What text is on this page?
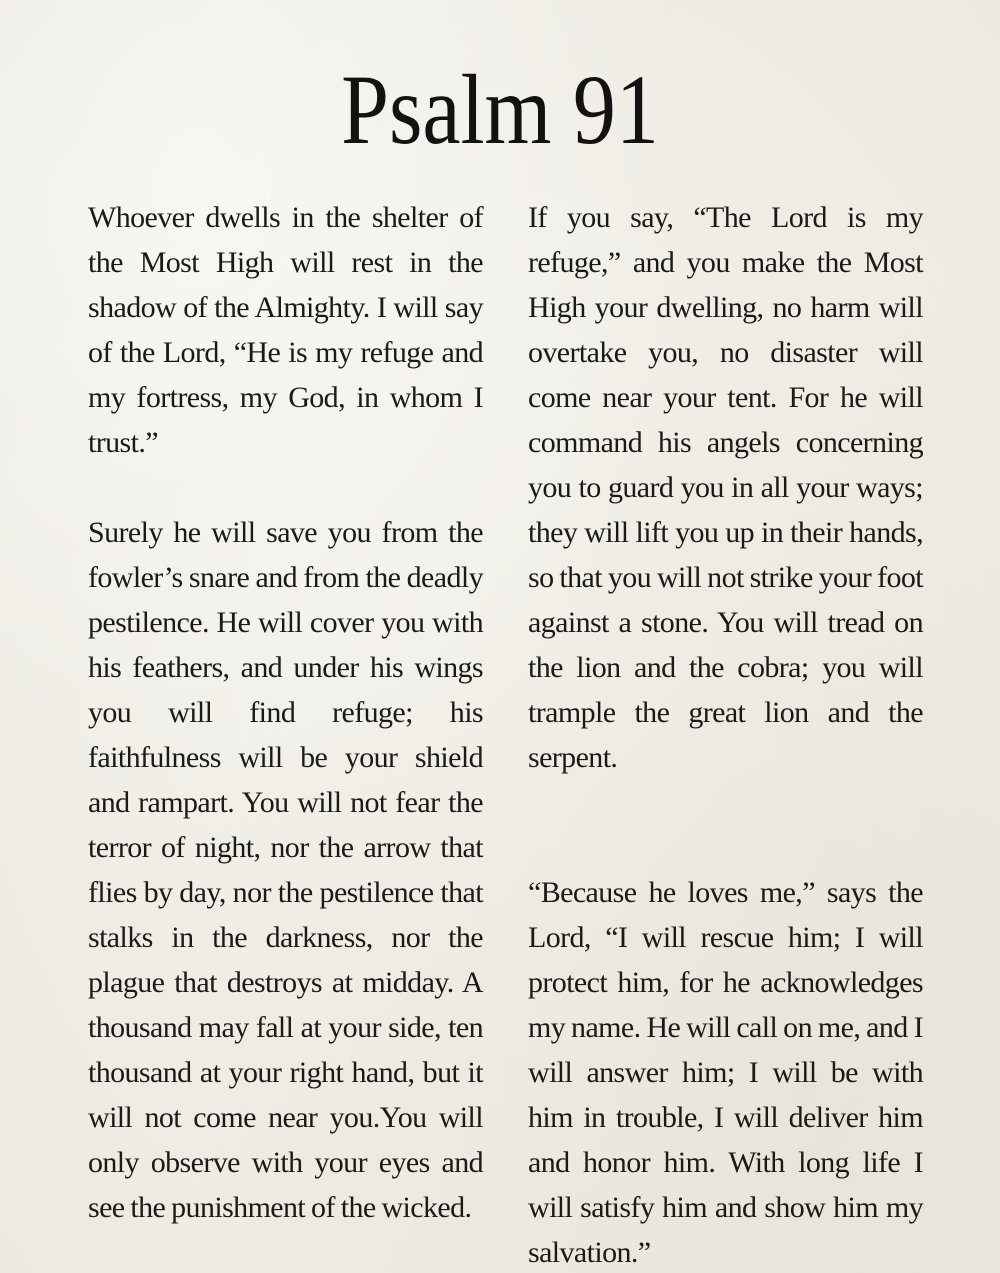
Psalm 91

Whoever dwells in the shelter of the Most High will rest in the shadow of the Almighty. I will say of the Lord, “He is my refuge and my fortress, my God, in whom I trust.”

Surely he will save you from the fowler’s snare and from the deadly pestilence. He will cover you with his feathers, and under his wings you will find refuge; his faithfulness will be your shield and rampart. You will not fear the terror of night, nor the arrow that flies by day, nor the pestilence that stalks in the darkness, nor the plague that destroys at midday. A thousand may fall at your side, ten thousand at your right hand, but it will not come near you.You will only observe with your eyes and see the punishment of the wicked.

If you say, “The Lord is my refuge,” and you make the Most High your dwelling, no harm will overtake you, no disaster will come near your tent. For he will command his angels concerning you to guard you in all your ways; they will lift you up in their hands, so that you will not strike your foot against a stone. You will tread on the lion and the cobra; you will trample the great lion and the serpent.

“Because he loves me,” says the Lord, “I will rescue him; I will protect him, for he acknowledges my name. He will call on me, and I will answer him; I will be with him in trouble, I will deliver him and honor him. With long life I will satisfy him and show him my salvation.”
